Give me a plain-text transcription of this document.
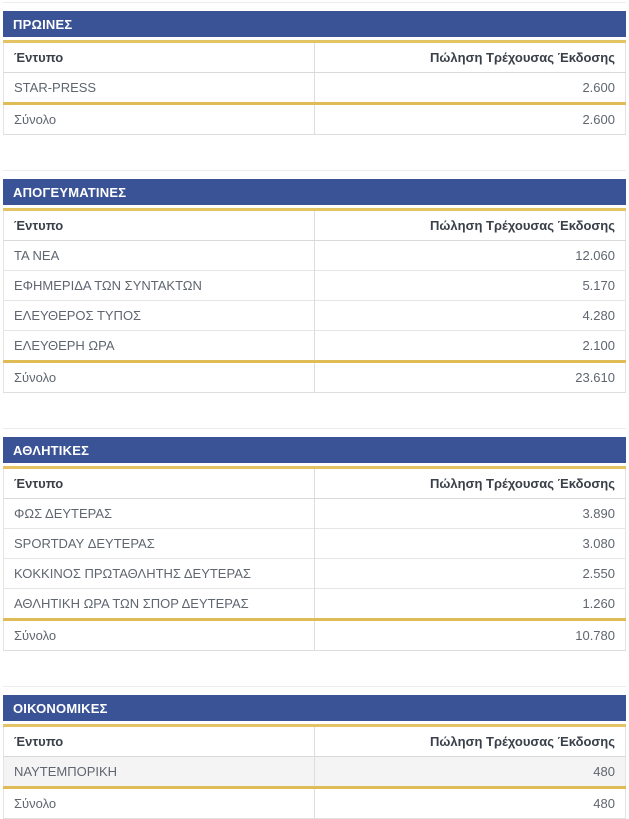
ΠΡΩΙΝΕΣ
Έντυπο	Πώληση Τρέχουσας Έκδοσης
STAR-PRESS	2.600
Σύνολο	2.600
ΑΠΟΓΕΥΜΑΤΙΝΕΣ
Έντυπο	Πώληση Τρέχουσας Έκδοσης
ΤΑ ΝΕΑ	12.060
ΕΦΗΜΕΡΙΔΑ ΤΩΝ ΣΥΝΤΑΚΤΩΝ	5.170
ΕΛΕΥΘΕΡΟΣ ΤΥΠΟΣ	4.280
ΕΛΕΥΘΕΡΗ ΩΡΑ	2.100
Σύνολο	23.610
ΑΘΛΗΤΙΚΕΣ
Έντυπο	Πώληση Τρέχουσας Έκδοσης
ΦΩΣ ΔΕΥΤΕΡΑΣ	3.890
SPORTDAY ΔΕΥΤΕΡΑΣ	3.080
ΚΟΚΚΙΝΟΣ ΠΡΩΤΑΘΛΗΤΗΣ ΔΕΥΤΕΡΑΣ	2.550
ΑΘΛΗΤΙΚΗ ΩΡΑ ΤΩΝ ΣΠΟΡ ΔΕΥΤΕΡΑΣ	1.260
Σύνολο	10.780
ΟΙΚΟΝΟΜΙΚΕΣ
Έντυπο	Πώληση Τρέχουσας Έκδοσης
ΝΑΥΤΕΜΠΟΡΙΚΗ	480
Σύνολο	480
